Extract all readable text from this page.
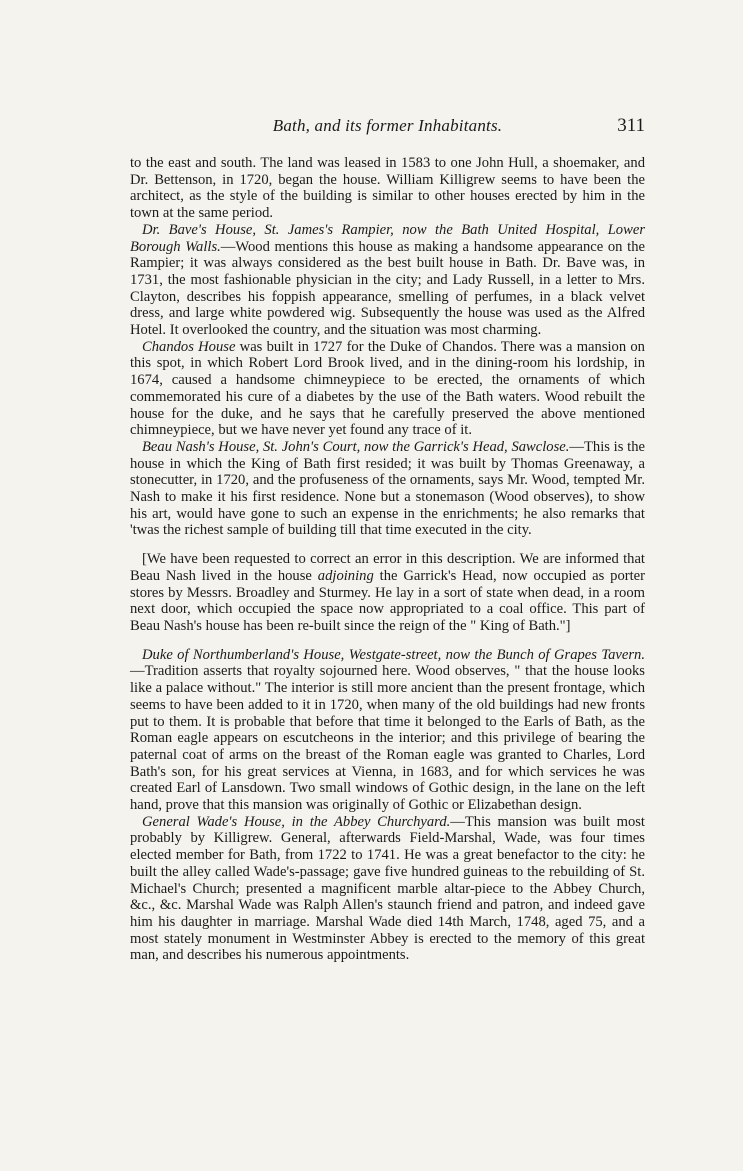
Bath, and its former Inhabitants.	311

to the east and south. The land was leased in 1583 to one John Hull, a shoemaker, and Dr. Bettenson, in 1720, began the house. William Killigrew seems to have been the architect, as the style of the building is similar to other houses erected by him in the town at the same period.

Dr. Bave's House, St. James's Rampier, now the Bath United Hospital, Lower Borough Walls.—Wood mentions this house as making a handsome appearance on the Rampier; it was always considered as the best built house in Bath. Dr. Bave was, in 1731, the most fashionable physician in the city; and Lady Russell, in a letter to Mrs. Clayton, describes his foppish appearance, smelling of perfumes, in a black velvet dress, and large white powdered wig. Subsequently the house was used as the Alfred Hotel. It overlooked the country, and the situation was most charming.

Chandos House was built in 1727 for the Duke of Chandos. There was a mansion on this spot, in which Robert Lord Brook lived, and in the dining-room his lordship, in 1674, caused a handsome chimneypiece to be erected, the ornaments of which commemorated his cure of a diabetes by the use of the Bath waters. Wood rebuilt the house for the duke, and he says that he carefully preserved the above mentioned chimneypiece, but we have never yet found any trace of it.

Beau Nash's House, St. John's Court, now the Garrick's Head, Sawclose.—This is the house in which the King of Bath first resided; it was built by Thomas Greenaway, a stonecutter, in 1720, and the profuseness of the ornaments, says Mr. Wood, tempted Mr. Nash to make it his first residence. None but a stonemason (Wood observes), to show his art, would have gone to such an expense in the enrichments; he also remarks that 'twas the richest sample of building till that time executed in the city.

[We have been requested to correct an error in this description. We are informed that Beau Nash lived in the house adjoining the Garrick's Head, now occupied as porter stores by Messrs. Broadley and Sturmey. He lay in a sort of state when dead, in a room next door, which occupied the space now appropriated to a coal office. This part of Beau Nash's house has been re-built since the reign of the " King of Bath."]

Duke of Northumberland's House, Westgate-street, now the Bunch of Grapes Tavern.—Tradition asserts that royalty sojourned here. Wood observes, " that the house looks like a palace without." The interior is still more ancient than the present frontage, which seems to have been added to it in 1720, when many of the old buildings had new fronts put to them. It is probable that before that time it belonged to the Earls of Bath, as the Roman eagle appears on escutcheons in the interior; and this privilege of bearing the paternal coat of arms on the breast of the Roman eagle was granted to Charles, Lord Bath's son, for his great services at Vienna, in 1683, and for which services he was created Earl of Lansdown. Two small windows of Gothic design, in the lane on the left hand, prove that this mansion was originally of Gothic or Elizabethan design.

General Wade's House, in the Abbey Churchyard.—This mansion was built most probably by Killigrew. General, afterwards Field-Marshal, Wade, was four times elected member for Bath, from 1722 to 1741. He was a great benefactor to the city: he built the alley called Wade's-passage; gave five hundred guineas to the rebuilding of St. Michael's Church; presented a magnificent marble altar-piece to the Abbey Church, &c., &c. Marshal Wade was Ralph Allen's staunch friend and patron, and indeed gave him his daughter in marriage. Marshal Wade died 14th March, 1748, aged 75, and a most stately monument in Westminster Abbey is erected to the memory of this great man, and describes his numerous appointments.
